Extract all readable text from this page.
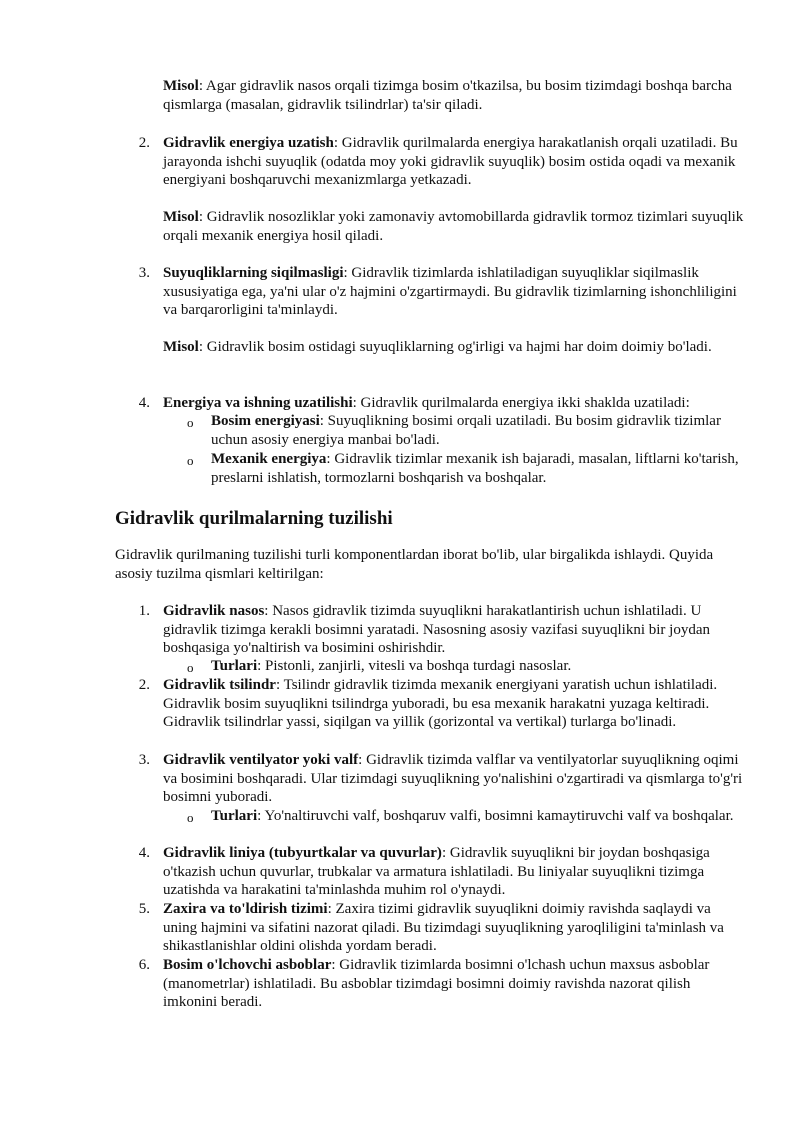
Misol: Agar gidravlik nasos orqali tizimga bosim o'tkazilsa, bu bosim tizimdagi boshqa barcha qismlarga (masalan, gidravlik tsilindrlar) ta'sir qiladi.
2. Gidravlik energiya uzatish: Gidravlik qurilmalarda energiya harakatlanish orqali uzatiladi. Bu jarayonda ishchi suyuqlik (odatda moy yoki gidravlik suyuqlik) bosim ostida oqadi va mexanik energiyani boshqaruvchi mexanizmlarga yetkazadi.
Misol: Gidravlik nosozliklar yoki zamonaviy avtomobillarda gidravlik tormoz tizimlari suyuqlik orqali mexanik energiya hosil qiladi.
3. Suyuqliklarning siqilmasligi: Gidravlik tizimlarda ishlatiladigan suyuqliklar siqilmaslik xususiyatiga ega, ya'ni ular o'z hajmini o'zgartirmaydi. Bu gidravlik tizimlarning ishonchliligini va barqarorligini ta'minlaydi.
Misol: Gidravlik bosim ostidagi suyuqliklarning og'irligi va hajmi har doim doimiy bo'ladi.
4. Energiya va ishning uzatilishi: Gidravlik qurilmalarda energiya ikki shaklda uzatiladi:
o Bosim energiyasi: Suyuqlikning bosimi orqali uzatiladi. Bu bosim gidravlik tizimlar uchun asosiy energiya manbai bo'ladi.
o Mexanik energiya: Gidravlik tizimlar mexanik ish bajaradi, masalan, liftlarni ko'tarish, preslarni ishlatish, tormozlarni boshqarish va boshqalar.
Gidravlik qurilmalarning tuzilishi
Gidravlik qurilmaning tuzilishi turli komponentlardan iborat bo'lib, ular birgalikda ishlaydi. Quyida asosiy tuzilma qismlari keltirilgan:
1. Gidravlik nasos: Nasos gidravlik tizimda suyuqlikni harakatlantirish uchun ishlatiladi. U gidravlik tizimga kerakli bosimni yaratadi. Nasosning asosiy vazifasi suyuqlikni bir joydan boshqasiga yo'naltirish va bosimini oshirishdir.
o Turlari: Pistonli, zanjirli, vitesli va boshqa turdagi nasoslar.
2. Gidravlik tsilindr: Tsilindr gidravlik tizimda mexanik energiyani yaratish uchun ishlatiladi. Gidravlik bosim suyuqlikni tsilindrga yuboradi, bu esa mexanik harakatni yuzaga keltiradi. Gidravlik tsilindrlar yassi, siqilgan va yillik (gorizontal va vertikal) turlarga bo'linadi.
3. Gidravlik ventilyator yoki valf: Gidravlik tizimda valflar va ventilyatorlar suyuqlikning oqimi va bosimini boshqaradi. Ular tizimdagi suyuqlikning yo'nalishini o'zgartiradi va qismlarga to'g'ri bosimni yuboradi.
o Turlari: Yo'naltiruvchi valf, boshqaruv valfi, bosimni kamaytiruvchi valf va boshqalar.
4. Gidravlik liniya (tubyurtkalar va quvurlar): Gidravlik suyuqlikni bir joydan boshqasiga o'tkazish uchun quvurlar, trubkalar va armatura ishlatiladi. Bu liniyalar suyuqlikni tizimga uzatishda va harakatini ta'minlashda muhim rol o'ynaydi.
5. Zaxira va to'ldirish tizimi: Zaxira tizimi gidravlik suyuqlikni doimiy ravishda saqlaydi va uning hajmini va sifatini nazorat qiladi. Bu tizimdagi suyuqlikning yaroqliligini ta'minlash va shikastlanishlar oldini olishda yordam beradi.
6. Bosim o'lchovchi asboblar: Gidravlik tizimlarda bosimni o'lchash uchun maxsus asboblar (manometrlar) ishlatiladi. Bu asboblar tizimdagi bosimni doimiy ravishda nazorat qilish imkonini beradi.
